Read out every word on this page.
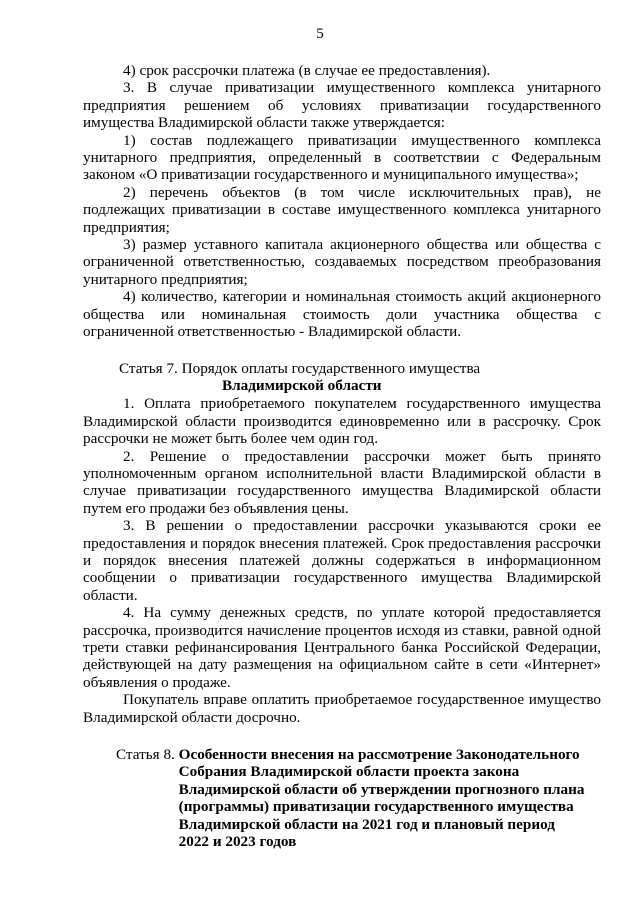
5

4) срок рассрочки платежа (в случае ее предоставления).

3. В случае приватизации имущественного комплекса унитарного предприятия решением об условиях приватизации государственного имущества Владимирской области также утверждается:

1) состав подлежащего приватизации имущественного комплекса унитарного предприятия, определенный в соответствии с Федеральным законом «О приватизации государственного и муниципального имущества»;

2) перечень объектов (в том числе исключительных прав), не подлежащих приватизации в составе имущественного комплекса унитарного предприятия;

3) размер уставного капитала акционерного общества или общества с ограниченной ответственностью, создаваемых посредством преобразования унитарного предприятия;

4) количество, категории и номинальная стоимость акций акционерного общества или номинальная стоимость доли участника общества с ограниченной ответственностью - Владимирской области.

Статья 7. Порядок оплаты государственного имущества
Владимирской области

1. Оплата приобретаемого покупателем государственного имущества Владимирской области производится единовременно или в рассрочку. Срок рассрочки не может быть более чем один год.

2. Решение о предоставлении рассрочки может быть принято уполномоченным органом исполнительной власти Владимирской области в случае приватизации государственного имущества Владимирской области путем его продажи без объявления цены.

3. В решении о предоставлении рассрочки указываются сроки ее предоставления и порядок внесения платежей. Срок предоставления рассрочки и порядок внесения платежей должны содержаться в информационном сообщении о приватизации государственного имущества Владимирской области.

4. На сумму денежных средств, по уплате которой предоставляется рассрочка, производится начисление процентов исходя из ставки, равной одной трети ставки рефинансирования Центрального банка Российской Федерации, действующей на дату размещения на официальном сайте в сети «Интернет» объявления о продаже.

Покупатель вправе оплатить приобретаемое государственное имущество Владимирской области досрочно.

Статья 8. Особенности внесения на рассмотрение Законодательного Собрания Владимирской области проекта закона Владимирской области об утверждении прогнозного плана (программы) приватизации государственного имущества Владимирской области на 2021 год и плановый период 2022 и 2023 годов
